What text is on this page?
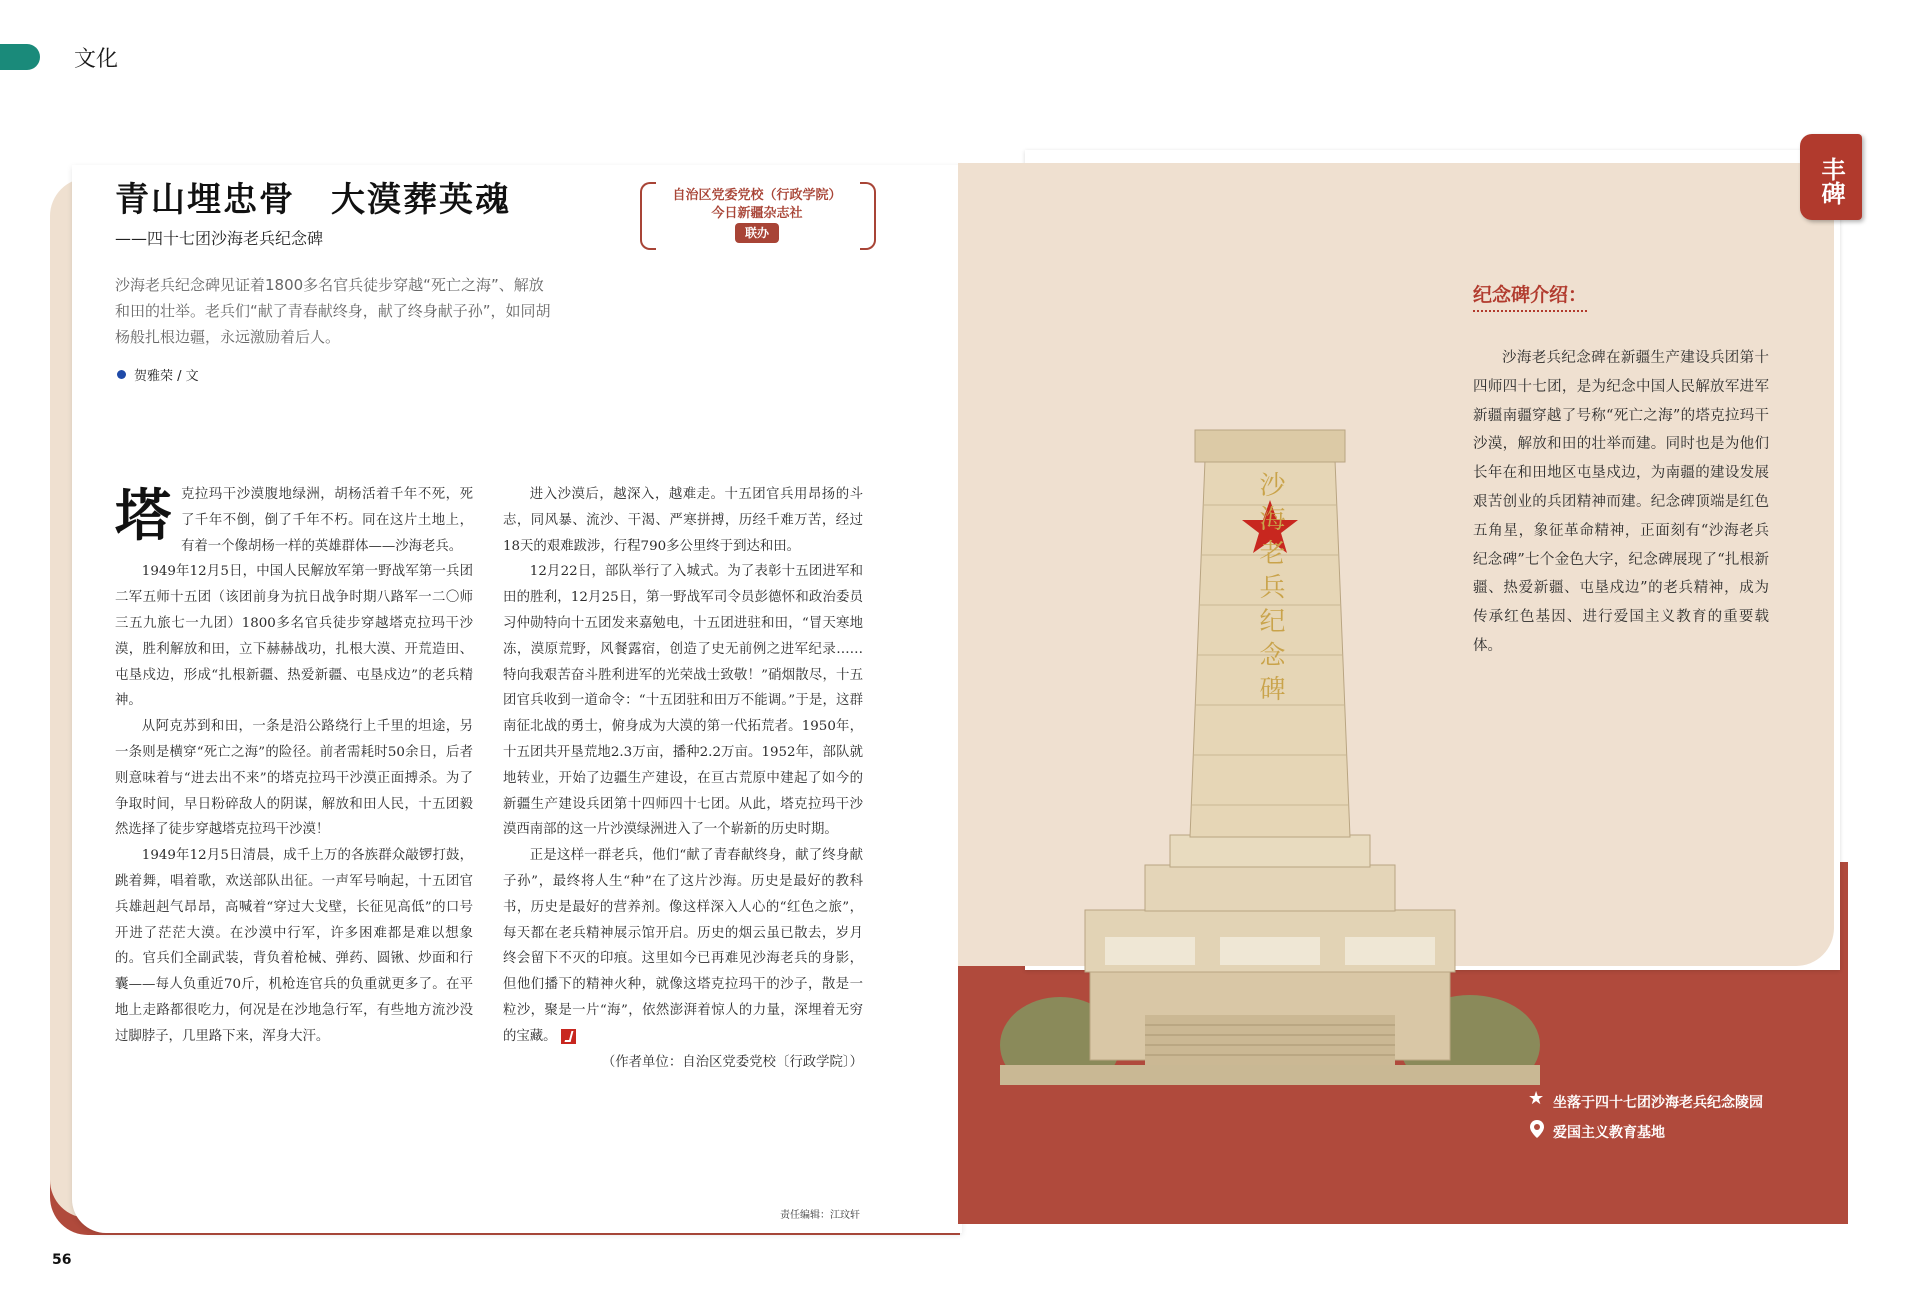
文化
青山埋忠骨　大漠葬英魂
——四十七团沙海老兵纪念碑
自治区党委党校（行政学院）
今日新疆杂志社
联办
沙海老兵纪念碑见证着1800多名官兵徒步穿越“死亡之海”、解放和田的壮举。老兵们“献了青春献终身，献了终身献子孙”，如同胡杨般扎根边疆，永远激励着后人。
贺雅荣 / 文

塔克拉玛干沙漠腹地绿洲，胡杨活着千年不死，死了千年不倒，倒了千年不朽。同在这片土地上，有着一个像胡杨一样的英雄群体——沙海老兵。

1949年12月5日，中国人民解放军第一野战军第一兵团二军五师十五团（该团前身为抗日战争时期八路军一二〇师三五九旅七一九团）1800多名官兵徒步穿越塔克拉玛干沙漠，胜利解放和田，立下赫赫战功，扎根大漠、开荒造田、屯垦戍边，形成“扎根新疆、热爱新疆、屯垦戍边”的老兵精神。

从阿克苏到和田，一条是沿公路绕行上千里的坦途，另一条则是横穿“死亡之海”的险径。前者需耗时50余日，后者则意味着与“进去出不来”的塔克拉玛干沙漠正面搏杀。为了争取时间，早日粉碎敌人的阴谋，解放和田人民，十五团毅然选择了徒步穿越塔克拉玛干沙漠！

1949年12月5日清晨，成千上万的各族群众敲锣打鼓，跳着舞，唱着歌，欢送部队出征。一声军号响起，十五团官兵雄赳赳气昂昂，高喊着“穿过大戈壁，长征见高低”的口号开进了茫茫大漠。在沙漠中行军，许多困难都是难以想象的。官兵们全副武装，背负着枪械、弹药、圆锹、炒面和行囊——每人负重近70斤，机枪连官兵的负重就更多了。在平地上走路都很吃力，何况是在沙地急行军，有些地方流沙没过脚脖子，几里路下来，浑身大汗。

进入沙漠后，越深入，越难走。十五团官兵用昂扬的斗志，同风暴、流沙、干渴、严寒拼搏，历经千难万苦，经过18天的艰难跋涉，行程790多公里终于到达和田。

12月22日，部队举行了入城式。为了表彰十五团进军和田的胜利，12月25日，第一野战军司令员彭德怀和政治委员习仲勋特向十五团发来嘉勉电，十五团进驻和田，“冒天寒地冻，漠原荒野，风餐露宿，创造了史无前例之进军纪录……特向我艰苦奋斗胜利进军的光荣战士致敬！”硝烟散尽，十五团官兵收到一道命令：“十五团驻和田万不能调。”于是，这群南征北战的勇士，俯身成为大漠的第一代拓荒者。1950年，十五团共开垦荒地2.3万亩，播种2.2万亩。1952年，部队就地转业，开始了边疆生产建设，在亘古荒原中建起了如今的新疆生产建设兵团第十四师四十七团。从此，塔克拉玛干沙漠西南部的这一片沙漠绿洲进入了一个崭新的历史时期。

正是这样一群老兵，他们“献了青春献终身，献了终身献子孙”，最终将人生“种”在了这片沙海。历史是最好的教科书，历史是最好的营养剂。像这样深入人心的“红色之旅”，每天都在老兵精神展示馆开启。历史的烟云虽已散去，岁月终会留下不灭的印痕。这里如今已再难见沙海老兵的身影，但他们播下的精神火种，就像这塔克拉玛干的沙子，散是一粒沙，聚是一片“海”，依然澎湃着惊人的力量，深埋着无穷的宝藏。

（作者单位：自治区党委党校〔行政学院〕）

责任编辑：江玟轩
56
丰碑
纪念碑介绍：
沙海老兵纪念碑在新疆生产建设兵团第十四师四十七团，是为纪念中国人民解放军进军新疆南疆穿越了号称“死亡之海”的塔克拉玛干沙漠，解放和田的壮举而建。同时也是为他们长年在和田地区屯垦戍边，为南疆的建设发展艰苦创业的兵团精神而建。纪念碑顶端是红色五角星，象征革命精神，正面刻有“沙海老兵纪念碑”七个金色大字，纪念碑展现了“扎根新疆、热爱新疆、屯垦戍边”的老兵精神，成为传承红色基因、进行爱国主义教育的重要载体。
沙海老兵纪念碑
★ 坐落于四十七团沙海老兵纪念陵园
爱国主义教育基地
